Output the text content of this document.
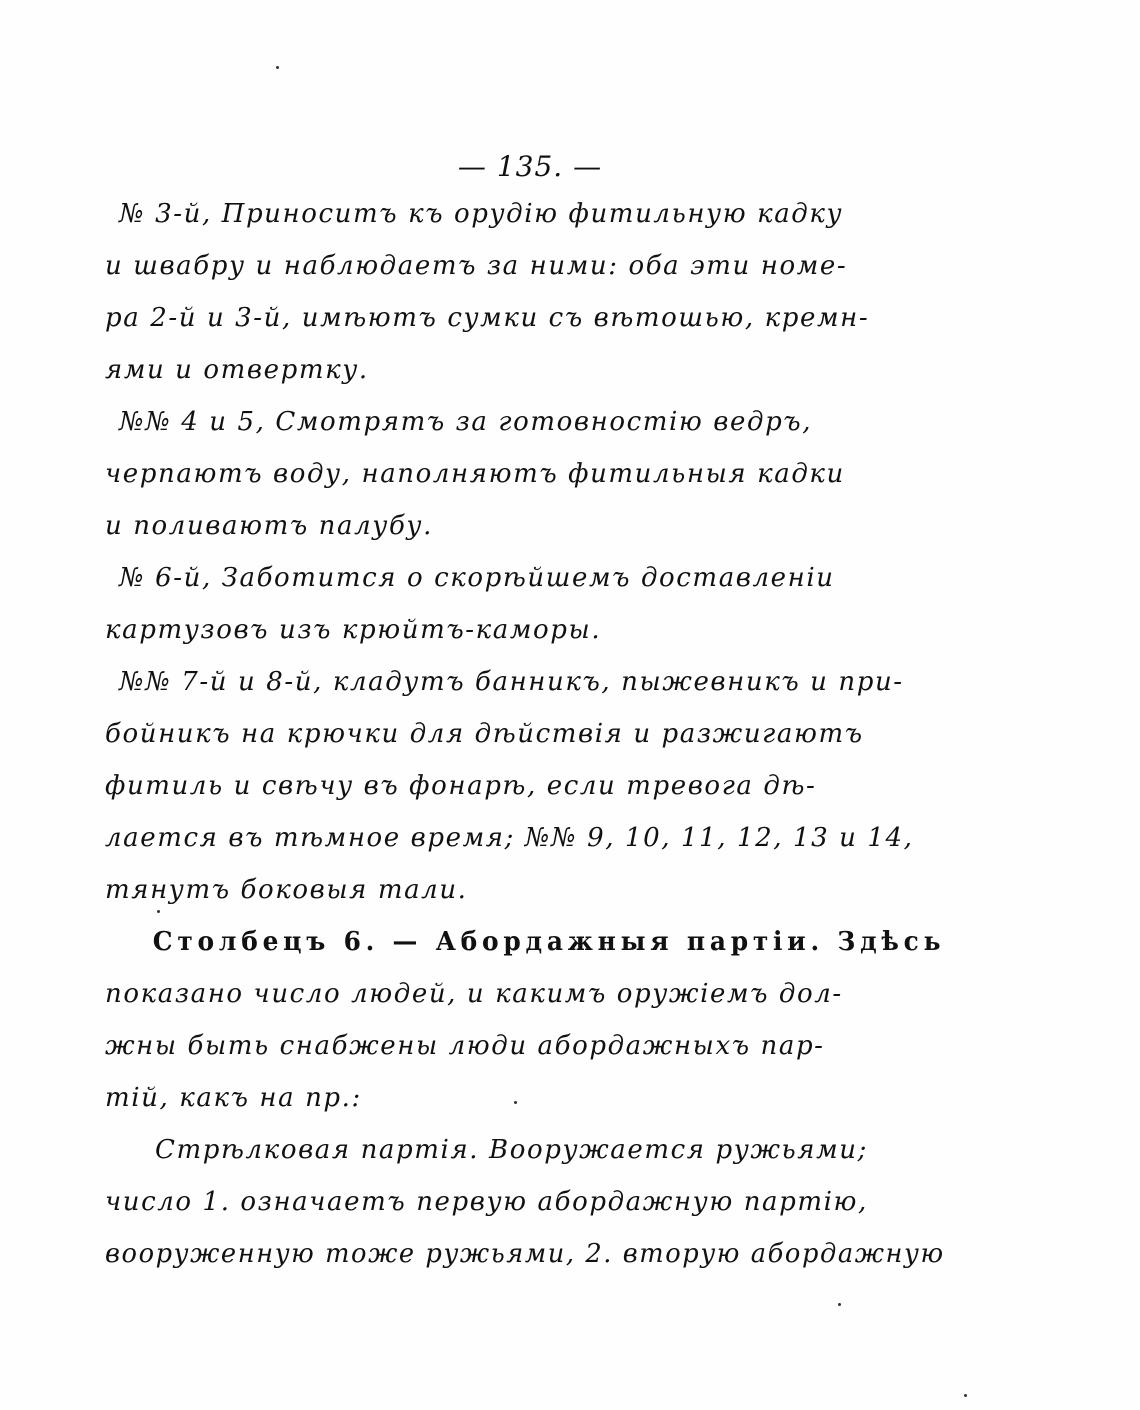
— 135. —
№ 3-й, Приноситъ къ орудію фитильную кадку
и швабру и наблюдаетъ за ними: оба эти номе-
ра 2-й и 3-й, имѣютъ сумки съ вѣтошью, кремн-
ями и отвертку.
№№ 4 и 5, Смотрятъ за готовностію ведръ,
черпаютъ воду, наполняютъ фитильныя кадки
и поливаютъ палубу.
№ 6-й, Заботится о скорѣйшемъ доставленіи
картузовъ изъ крюйтъ-каморы.
№№ 7-й и 8-й, кладутъ банникъ, пыжевникъ и при-
бойникъ на крючки для дѣйствія и разжигаютъ
фитиль и свѣчу въ фонарѣ, если тревога дѣ-
лается въ тѣмное время; №№ 9, 10, 11, 12, 13 и 14,
тянутъ боковыя тали.
Столбецъ 6. — Абордажныя партіи. Здѣсь
показано число людей, и какимъ оружіемъ дол-
жны быть снабжены люди абордажныхъ пар-
тій, какъ на пр.:
Стрѣлковая партія. Вооружается ружьями;
число 1. означаетъ первую абордажную партію,
вооруженную тоже ружьями, 2. вторую абордажную
